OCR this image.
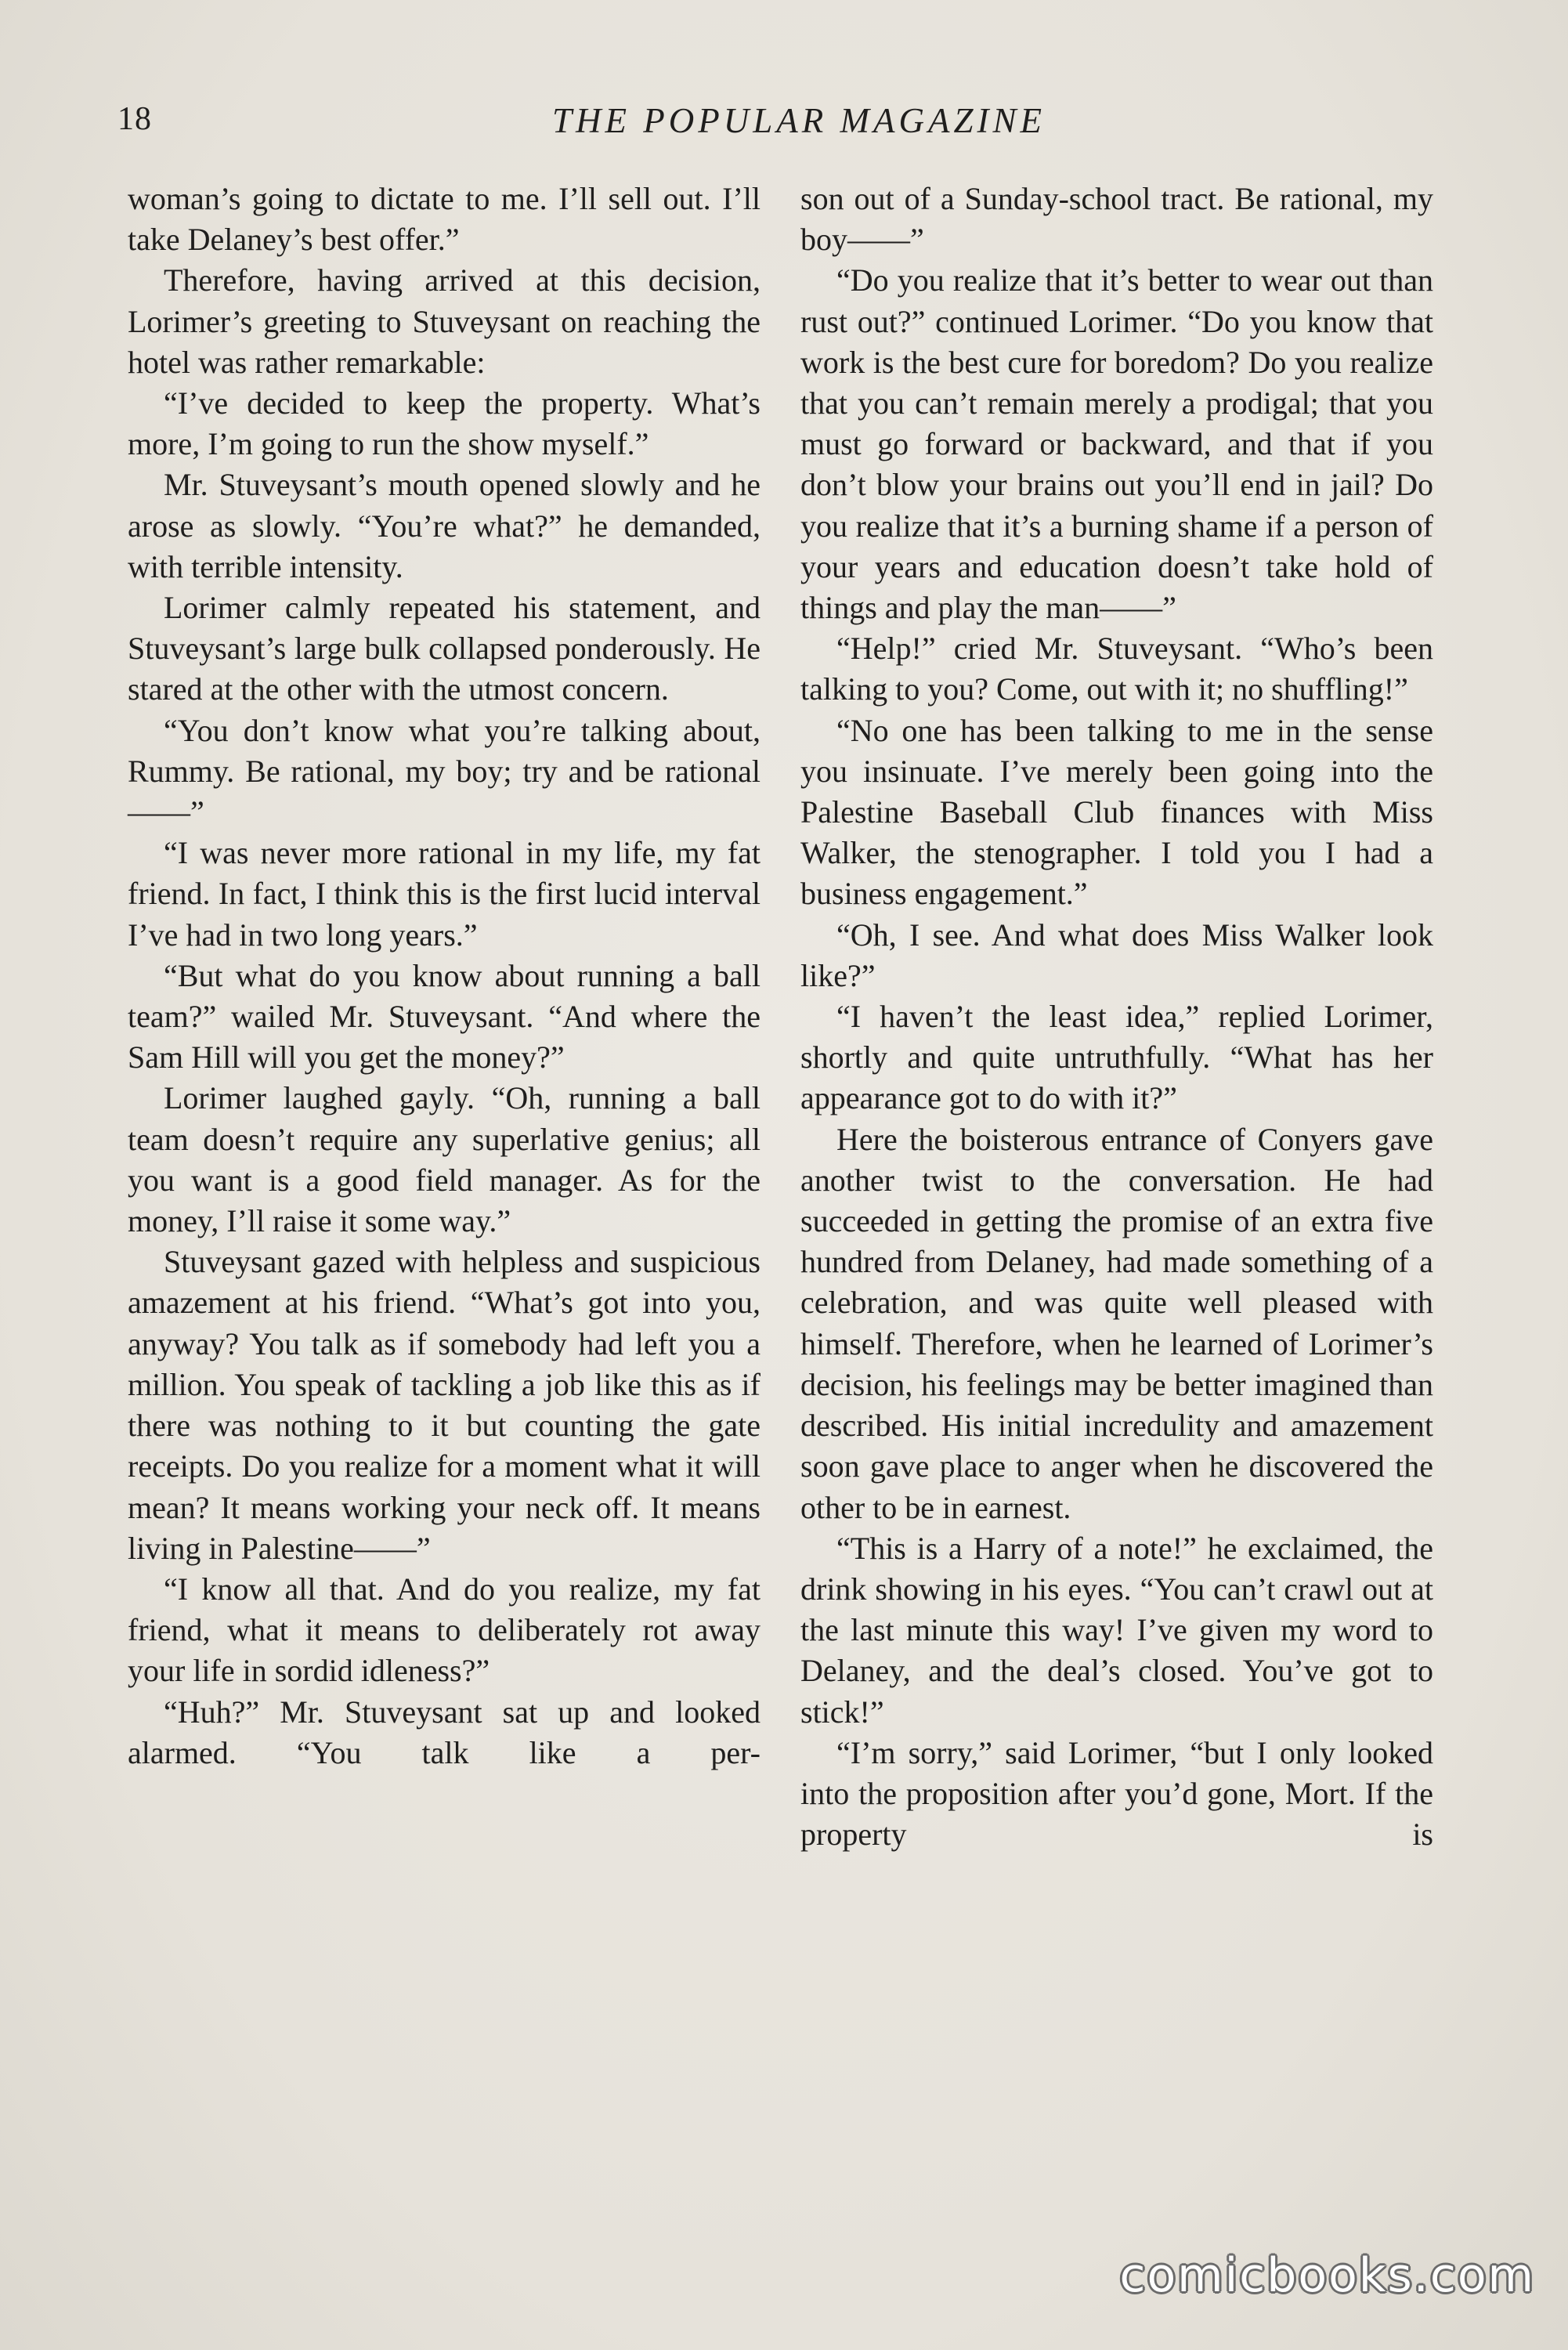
18	THE POPULAR MAGAZINE

woman’s going to dictate to me. I’ll sell out. I’ll take Delaney’s best offer.”

Therefore, having arrived at this decision, Lorimer’s greeting to Stuveysant on reaching the hotel was rather remarkable:

“I’ve decided to keep the property. What’s more, I’m going to run the show myself.”

Mr. Stuveysant’s mouth opened slowly and he arose as slowly. “You’re what?” he demanded, with terrible intensity.

Lorimer calmly repeated his statement, and Stuveysant’s large bulk collapsed ponderously. He stared at the other with the utmost concern.

“You don’t know what you’re talking about, Rummy. Be rational, my boy; try and be rational——”

“I was never more rational in my life, my fat friend. In fact, I think this is the first lucid interval I’ve had in two long years.”

“But what do you know about running a ball team?” wailed Mr. Stuveysant. “And where the Sam Hill will you get the money?”

Lorimer laughed gayly. “Oh, running a ball team doesn’t require any superlative genius; all you want is a good field manager. As for the money, I’ll raise it some way.”

Stuveysant gazed with helpless and suspicious amazement at his friend. “What’s got into you, anyway? You talk as if somebody had left you a million. You speak of tackling a job like this as if there was nothing to it but counting the gate receipts. Do you realize for a moment what it will mean? It means working your neck off. It means living in Palestine——”

“I know all that. And do you realize, my fat friend, what it means to deliberately rot away your life in sordid idleness?”

“Huh?” Mr. Stuveysant sat up and looked alarmed. “You talk like a per-

son out of a Sunday-school tract. Be rational, my boy——”

“Do you realize that it’s better to wear out than rust out?” continued Lorimer. “Do you know that work is the best cure for boredom? Do you realize that you can’t remain merely a prodigal; that you must go forward or backward, and that if you don’t blow your brains out you’ll end in jail? Do you realize that it’s a burning shame if a person of your years and education doesn’t take hold of things and play the man——”

“Help!” cried Mr. Stuveysant. “Who’s been talking to you? Come, out with it; no shuffling!”

“No one has been talking to me in the sense you insinuate. I’ve merely been going into the Palestine Baseball Club finances with Miss Walker, the stenographer. I told you I had a business engagement.”

“Oh, I see. And what does Miss Walker look like?”

“I haven’t the least idea,” replied Lorimer, shortly and quite untruthfully. “What has her appearance got to do with it?”

Here the boisterous entrance of Conyers gave another twist to the conversation. He had succeeded in getting the promise of an extra five hundred from Delaney, had made something of a celebration, and was quite well pleased with himself. Therefore, when he learned of Lorimer’s decision, his feelings may be better imagined than described. His initial incredulity and amazement soon gave place to anger when he discovered the other to be in earnest.

“This is a Harry of a note!” he exclaimed, the drink showing in his eyes. “You can’t crawl out at the last minute this way! I’ve given my word to Delaney, and the deal’s closed. You’ve got to stick!”

“I’m sorry,” said Lorimer, “but I only looked into the proposition after you’d gone, Mort. If the property is

comicbooks.com
